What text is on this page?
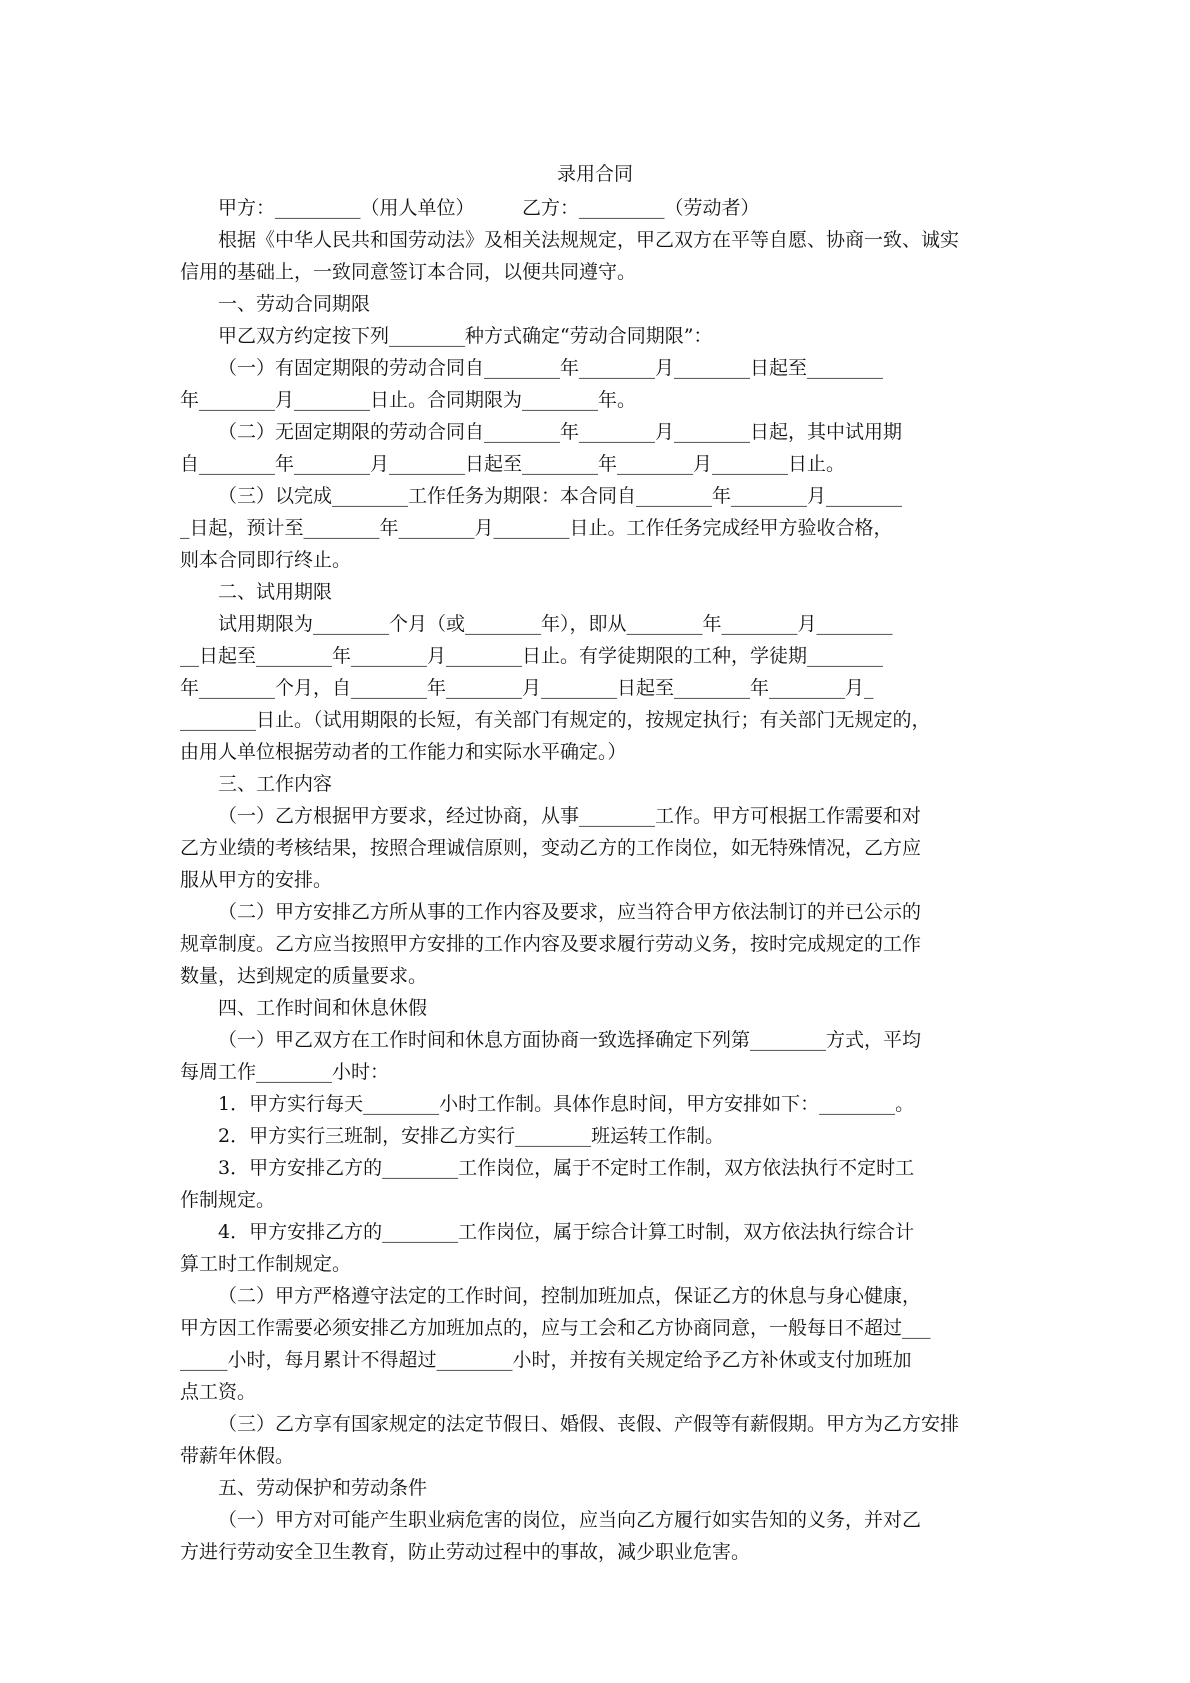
录用合同

甲方：_________（用人单位）　　　乙方：_________（劳动者）

根据《中华人民共和国劳动法》及相关法规规定，甲乙双方在平等自愿、协商一致、诚实

信用的基础上，一致同意签订本合同，以便共同遵守。

一、劳动合同期限

甲乙双方约定按下列________种方式确定“劳动合同期限”：

（一）有固定期限的劳动合同自________年________月________日起至________

年________月________日止。合同期限为________年。

（二）无固定期限的劳动合同自________年________月________日起，其中试用期

自________年________月________日起至________年________月________日止。

（三）以完成________工作任务为期限：本合同自________年________月________

_日起，预计至________年________月________日止。工作任务完成经甲方验收合格，

则本合同即行终止。

二、试用期限

试用期限为________个月（或________年），即从________年________月________

__日起至________年________月________日止。有学徒期限的工种，学徒期________

年________个月，自________年________月________日起至________年________月_

________日止。（试用期限的长短，有关部门有规定的，按规定执行；有关部门无规定的，

由用人单位根据劳动者的工作能力和实际水平确定。）

三、工作内容

（一）乙方根据甲方要求，经过协商，从事________工作。甲方可根据工作需要和对

乙方业绩的考核结果，按照合理诚信原则，变动乙方的工作岗位，如无特殊情况，乙方应

服从甲方的安排。

（二）甲方安排乙方所从事的工作内容及要求，应当符合甲方依法制订的并已公示的

规章制度。乙方应当按照甲方安排的工作内容及要求履行劳动义务，按时完成规定的工作

数量，达到规定的质量要求。

四、工作时间和休息休假

（一）甲乙双方在工作时间和休息方面协商一致选择确定下列第________方式，平均

每周工作________小时：

1．甲方实行每天________小时工作制。具体作息时间，甲方安排如下：________。

2．甲方实行三班制，安排乙方实行________班运转工作制。

3．甲方安排乙方的________工作岗位，属于不定时工作制，双方依法执行不定时工

作制规定。

4．甲方安排乙方的________工作岗位，属于综合计算工时制，双方依法执行综合计

算工时工作制规定。

（二）甲方严格遵守法定的工作时间，控制加班加点，保证乙方的休息与身心健康，

甲方因工作需要必须安排乙方加班加点的，应与工会和乙方协商同意，一般每日不超过___

_____小时，每月累计不得超过________小时，并按有关规定给予乙方补休或支付加班加

点工资。

（三）乙方享有国家规定的法定节假日、婚假、丧假、产假等有薪假期。甲方为乙方安排

带薪年休假。

五、劳动保护和劳动条件

（一）甲方对可能产生职业病危害的岗位，应当向乙方履行如实告知的义务，并对乙

方进行劳动安全卫生教育，防止劳动过程中的事故，减少职业危害。
